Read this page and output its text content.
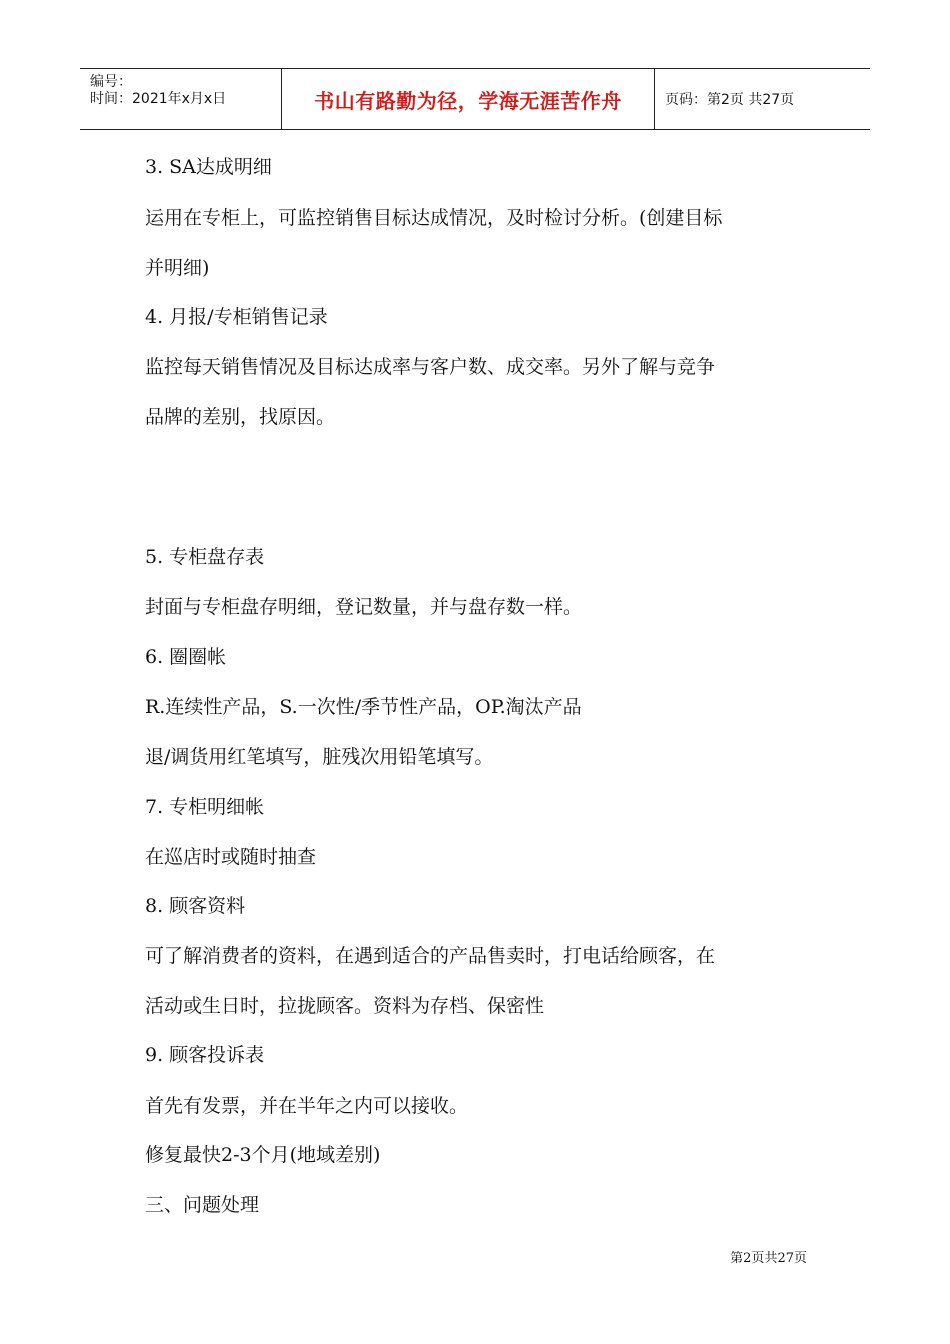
编号：
时间：2021年x月x日	书山有路勤为径，学海无涯苦作舟	页码：第2页 共27页
3. SA达成明细
运用在专柜上，可监控销售目标达成情况，及时检讨分析。(创建目标
并明细)
4. 月报/专柜销售记录
监控每天销售情况及目标达成率与客户数、成交率。另外了解与竞争
品牌的差别，找原因。
5. 专柜盘存表
封面与专柜盘存明细，登记数量，并与盘存数一样。
6. 圈圈帐
R.连续性产品，S.一次性/季节性产品，OP.淘汰产品
退/调货用红笔填写，脏残次用铅笔填写。
7. 专柜明细帐
在巡店时或随时抽查
8. 顾客资料
可了解消费者的资料，在遇到适合的产品售卖时，打电话给顾客，在
活动或生日时，拉拢顾客。资料为存档、保密性
9. 顾客投诉表
首先有发票，并在半年之内可以接收。
修复最快2-3个月(地域差别)
三、问题处理
第2页共27页
